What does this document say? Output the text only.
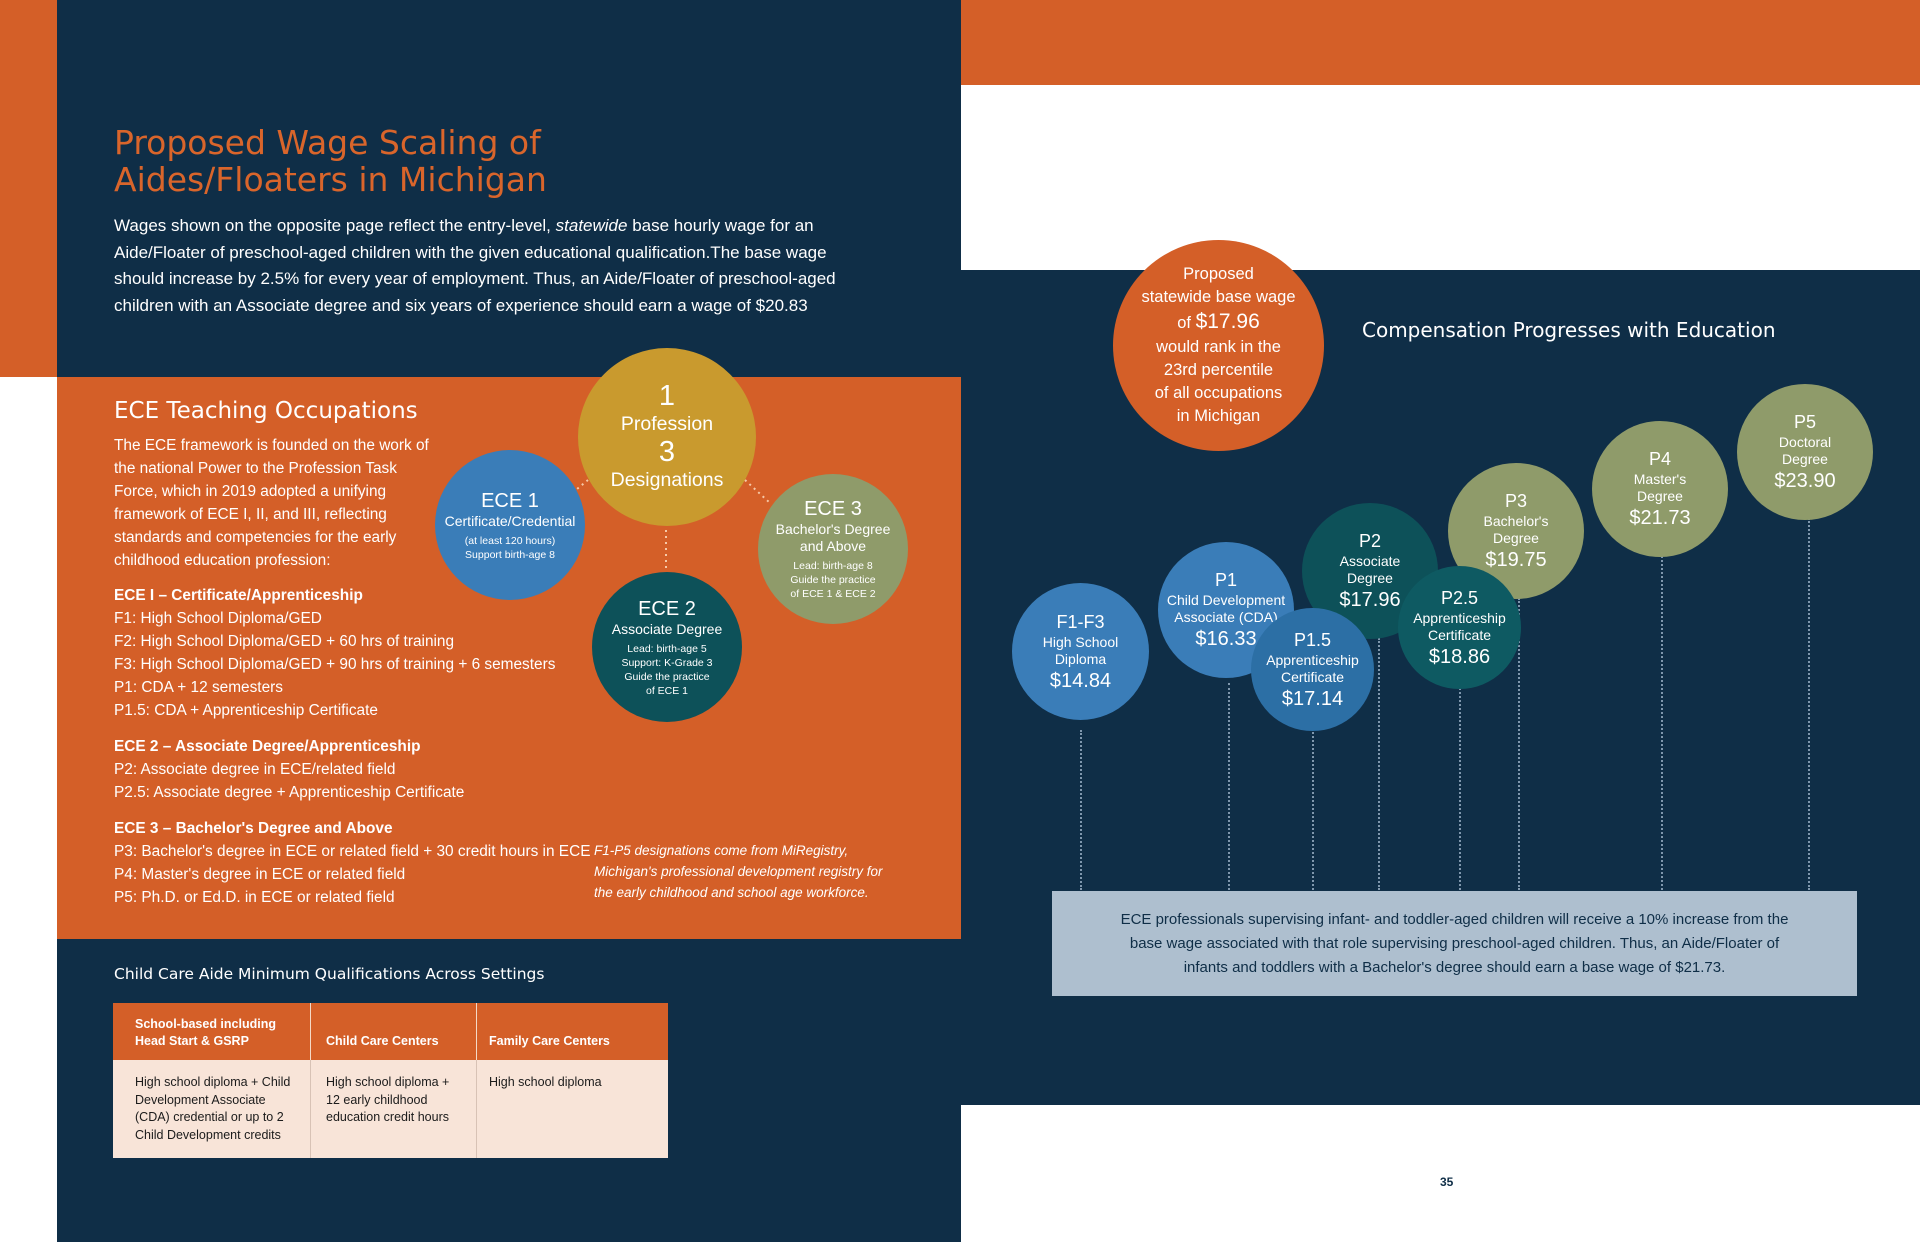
Proposed Wage Scaling of Aides/Floaters in Michigan
Wages shown on the opposite page reflect the entry-level, statewide base hourly wage for an Aide/Floater of preschool-aged children with the given educational qualification.The base wage should increase by 2.5% for every year of employment. Thus, an Aide/Floater of preschool-aged children with an Associate degree and six years of experience should earn a wage of $20.83
ECE Teaching Occupations
The ECE framework is founded on the work of the national Power to the Profession Task Force, which in 2019 adopted a unifying framework of ECE I, II, and III, reflecting standards and competencies for the early childhood education profession:
ECE I – Certificate/Apprenticeship
F1: High School Diploma/GED
F2: High School Diploma/GED + 60 hrs of training
F3: High School Diploma/GED + 90 hrs of training + 6 semesters
P1: CDA + 12 semesters
P1.5: CDA + Apprenticeship Certificate
ECE 2 – Associate Degree/Apprenticeship
P2: Associate degree in ECE/related field
P2.5: Associate degree + Apprenticeship Certificate
ECE 3 – Bachelor's Degree and Above
P3: Bachelor's degree in ECE or related field + 30 credit hours in ECE
P4: Master's degree in ECE or related field
P5: Ph.D. or Ed.D. in ECE or related field
F1-P5 designations come from MiRegistry, Michigan's professional development registry for the early childhood and school age workforce.
1
Profession
3
Designations
ECE 1
Certificate/Credential
(at least 120 hours)
Support birth-age 8
ECE 2
Associate Degree
Lead: birth-age 5
Support: K-Grade 3
Guide the practice
of ECE 1
ECE 3
Bachelor's Degree
and Above
Lead: birth-age 8
Guide the practice
of ECE 1 & ECE 2
Child Care Aide Minimum Qualifications Across Settings
School-based including
Head Start & GSRP	Child Care Centers	Family Care Centers
High school diploma + Child Development Associate (CDA) credential or up to 2 Child Development credits	High school diploma + 12 early childhood education credit hours	High school diploma
Proposed
statewide base wage
of $17.96
would rank in the
23rd percentile
of all occupations
in Michigan
Compensation Progresses with Education
P2
Associate
Degree
$17.96
P3
Bachelor's
Degree
$19.75
P2.5
Apprenticeship
Certificate
$18.86
F1-F3
High School
Diploma
$14.84
P1
Child Development
Associate (CDA)
$16.33 P1.5
Apprenticeship
Certificate
$17.14
P4
Master's
Degree
$21.73
P5
Doctoral
Degree
$23.90
ECE professionals supervising infant- and toddler-aged children will receive a 10% increase from the base wage associated with that role supervising preschool-aged children. Thus, an Aide/Floater of infants and toddlers with a Bachelor's degree should earn a base wage of $21.73.
35
